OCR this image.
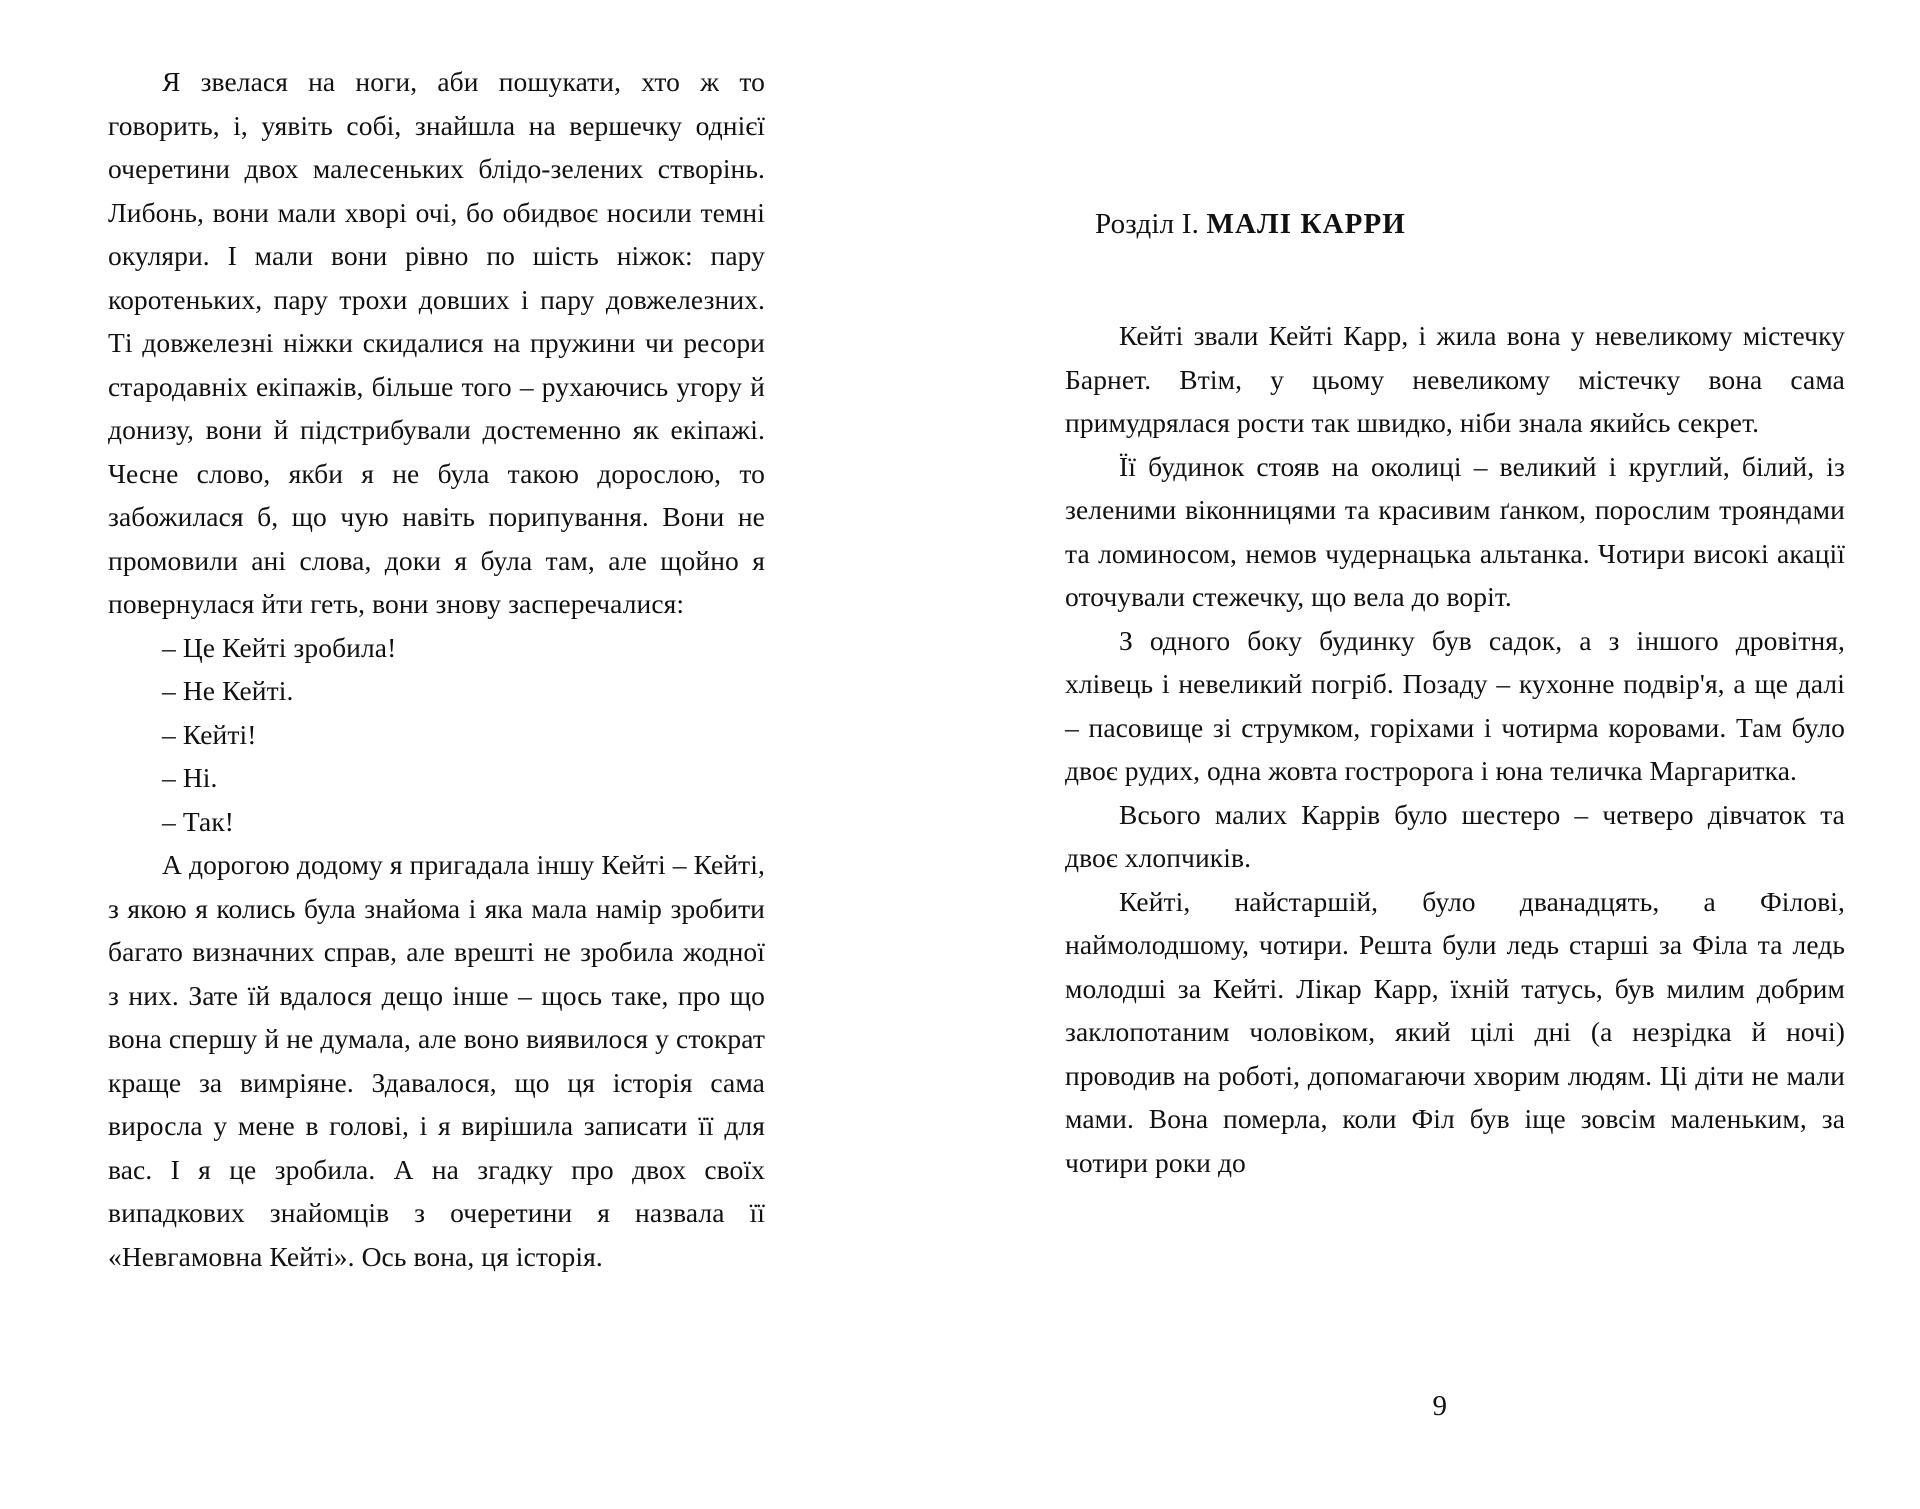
Я звелася на ноги, аби пошукати, хто ж то говорить, і, уявіть собі, знайшла на вершечку однієї очеретини двох малесеньких блідо-зелених створінь. Либонь, вони мали хворі очі, бо обидвоє носили темні окуляри. І мали вони рівно по шість ніжок: пару коротеньких, пару трохи довших і пару довжелезних. Ті довжелезні ніжки скидалися на пружини чи ресори стародавніх екіпажів, більше того – рухаючись угору й донизу, вони й підстрибували достеменно як екіпажі. Чесне слово, якби я не була такою дорослою, то забожилася б, що чую навіть порипування. Вони не промовили ані слова, доки я була там, але щойно я повернулася йти геть, вони знову засперечалися:

– Це Кейті зробила!

– Не Кейті.

– Кейті!

– Ні.

– Так!

А дорогою додому я пригадала іншу Кейті – Кейті, з якою я колись була знайома і яка мала намір зробити багато визначних справ, але врешті не зробила жодної з них. Зате їй вдалося дещо інше – щось таке, про що вона спершу й не думала, але воно виявилося у стократ краще за вимріяне. Здавалося, що ця історія сама виросла у мене в голові, і я вирішила записати її для вас. І я це зробила. А на згадку про двох своїх випадкових знайомців з очеретини я назвала її «Невгамовна Кейті». Ось вона, ця історія.

Розділ I. МАЛІ КАРРИ

Кейті звали Кейті Карр, і жила вона у невеликому містечку Барнет. Втім, у цьому невеликому містечку вона сама примудрялася рости так швидко, ніби знала якийсь секрет.

Її будинок стояв на околиці – великий і круглий, білий, із зеленими віконницями та красивим ґанком, порослим трояндами та ломиносом, немов чудернацька альтанка. Чотири високі акації оточували стежечку, що вела до воріт.

З одного боку будинку був садок, а з іншого дровітня, хлівець і невеликий погріб. Позаду – кухонне подвір'я, а ще далі – пасовище зі струмком, горіхами і чотирма коровами. Там було двоє рудих, одна жовта гостророга і юна теличка Маргаритка.

Всього малих Каррів було шестеро – четверо дівчаток та двоє хлопчиків.

Кейті, найстаршій, було дванадцять, а Філові, наймолодшому, чотири. Решта були ледь старші за Філа та ледь молодші за Кейті. Лікар Карр, їхній татусь, був милим добрим заклопотаним чоловіком, який цілі дні (а незрідка й ночі) проводив на роботі, допомагаючи хворим людям. Ці діти не мали мами. Вона померла, коли Філ був іще зовсім маленьким, за чотири роки до

9
